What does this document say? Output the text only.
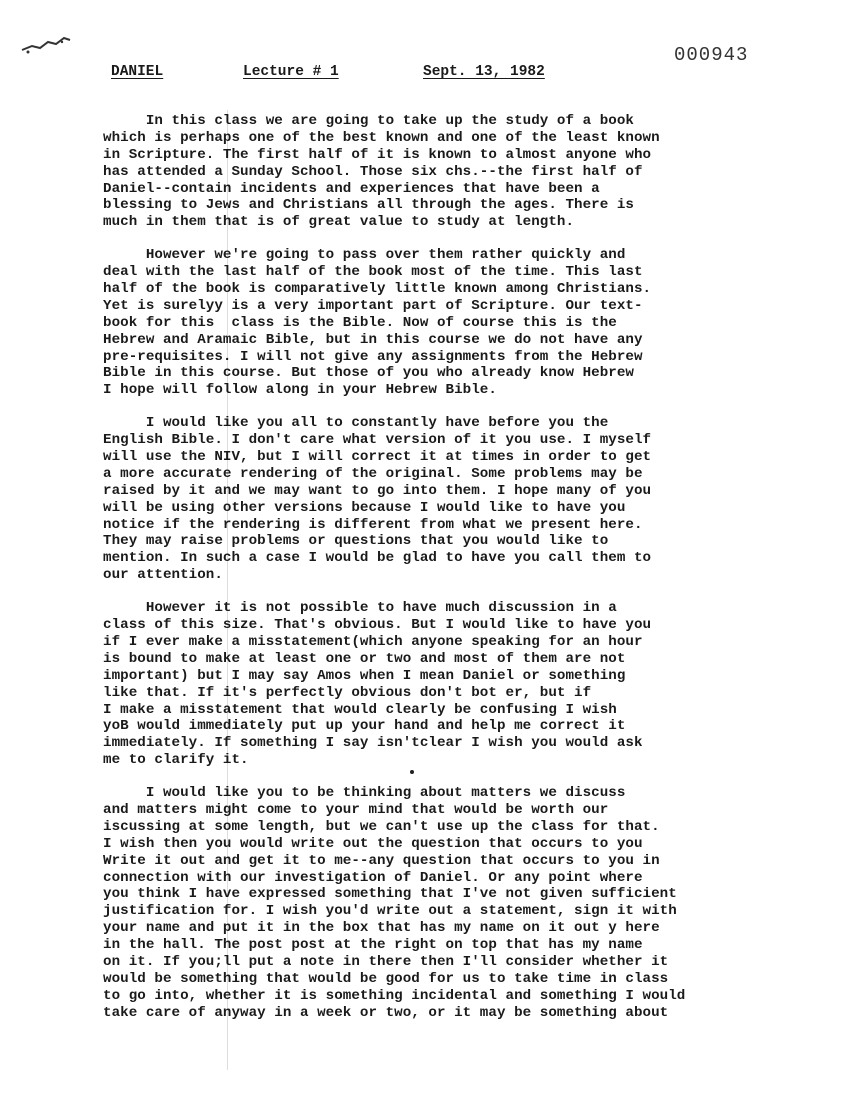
000943
DANIEL	Lecture # 1	Sept. 13, 1982
In this class we are going to take up the study of a book
which is perhaps one of the best known and one of the least known
in Scripture. The first half of it is known to almost anyone who
has attended a Sunday School. Those six chs.--the first half of
Daniel--contain incidents and experiences that have been a
blessing to Jews and Christians all through the ages. There is
much in them that is of great value to study at length.
However we're going to pass over them rather quickly and
deal with the last half of the book most of the time. This last
half of the book is comparatively little known among Christians.
Yet is surelyy is a very important part of Scripture. Our text-
book for this  class is the Bible. Now of course this is the
Hebrew and Aramaic Bible, but in this course we do not have any
pre-requisites. I will not give any assignments from the Hebrew
Bible in this course. But those of you who already know Hebrew
I hope will follow along in your Hebrew Bible.
I would like you all to constantly have before you the
English Bible. I don't care what version of it you use. I myself
will use the NIV, but I will correct it at times in order to get
a more accurate rendering of the original. Some problems may be
raised by it and we may want to go into them. I hope many of you
will be using other versions because I would like to have you
notice if the rendering is different from what we present here.
They may raise problems or questions that you would like to
mention. In such a case I would be glad to have you call them to
our attention.
However it is not possible to have much discussion in a
class of this size. That's obvious. But I would like to have you
if I ever make a misstatement(which anyone speaking for an hour
is bound to make at least one or two and most of them are not
important) but I may say Amos when I mean Daniel or something
like that. If it's perfectly obvious don't bot er, but if
I make a misstatement that would clearly be confusing I wish
yoB would immediately put up your hand and help me correct it
immediately. If something I say isn'tclear I wish you would ask
me to clarify it.
I would like you to be thinking about matters we discuss
and matters might come to your mind that would be worth our
iscussing at some length, but we can't use up the class for that.
I wish then you would write out the question that occurs to you
Write it out and get it to me--any question that occurs to you in
connection with our investigation of Daniel. Or any point where
you think I have expressed something that I've not given sufficient
justification for. I wish you'd write out a statement, sign it with
your name and put it in the box that has my name on it out y here
in the hall. The post post at the right on top that has my name
on it. If you;ll put a note in there then I'll consider whether it
would be something that would be good for us to take time in class
to go into, whether it is something incidental and something I would
take care of anyway in a week or two, or it may be something about
